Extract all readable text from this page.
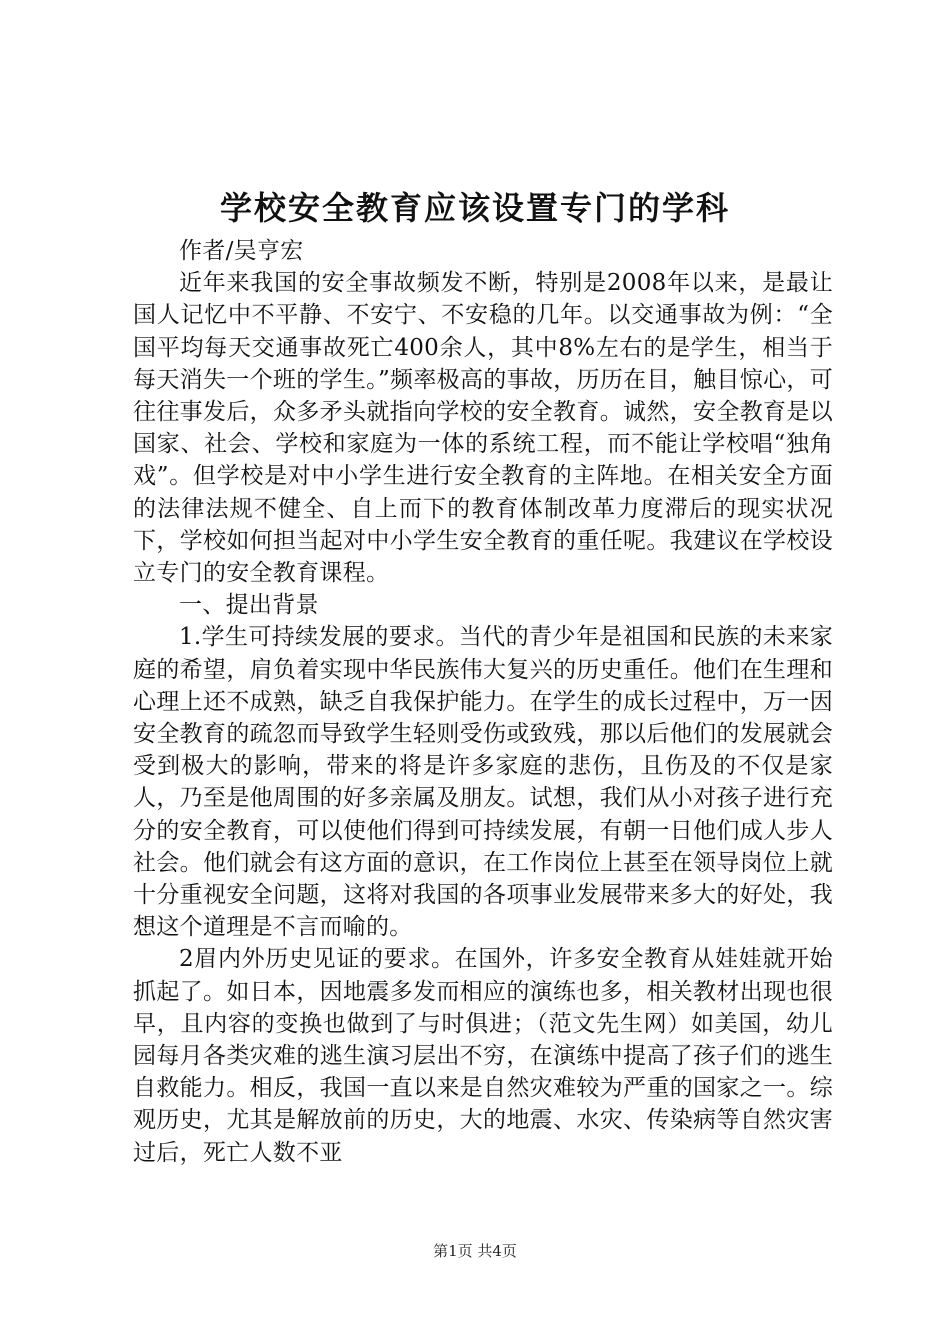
学校安全教育应该设置专门的学科

作者/吴亨宏

近年来我国的安全事故频发不断，特别是2008年以来，是最让国人记忆中不平静、不安宁、不安稳的几年。以交通事故为例：“全国平均每天交通事故死亡400余人，其中8%左右的是学生，相当于每天消失一个班的学生。”频率极高的事故，历历在目，触目惊心，可往往事发后，众多矛头就指向学校的安全教育。诚然，安全教育是以国家、社会、学校和家庭为一体的系统工程，而不能让学校唱“独角戏”。但学校是对中小学生进行安全教育的主阵地。在相关安全方面的法律法规不健全、自上而下的教育体制改革力度滞后的现实状况下，学校如何担当起对中小学生安全教育的重任呢。我建议在学校设立专门的安全教育课程。

一、提出背景

1.学生可持续发展的要求。当代的青少年是祖国和民族的未来家庭的希望，肩负着实现中华民族伟大复兴的历史重任。他们在生理和心理上还不成熟，缺乏自我保护能力。在学生的成长过程中，万一因安全教育的疏忽而导致学生轻则受伤或致残，那以后他们的发展就会受到极大的影响，带来的将是许多家庭的悲伤，且伤及的不仅是家人，乃至是他周围的好多亲属及朋友。试想，我们从小对孩子进行充分的安全教育，可以使他们得到可持续发展，有朝一日他们成人步人社会。他们就会有这方面的意识，在工作岗位上甚至在领导岗位上就十分重视安全问题，这将对我国的各项事业发展带来多大的好处，我想这个道理是不言而喻的。

2眉内外历史见证的要求。在国外，许多安全教育从娃娃就开始抓起了。如日本，因地震多发而相应的演练也多，相关教材出现也很早，且内容的变换也做到了与时俱进；（范文先生网）如美国，幼儿园每月各类灾难的逃生演习层出不穷，在演练中提高了孩子们的逃生自救能力。相反，我国一直以来是自然灾难较为严重的国家之一。综观历史，尤其是解放前的历史，大的地震、水灾、传染病等自然灾害过后，死亡人数不亚

第1页 共4页
